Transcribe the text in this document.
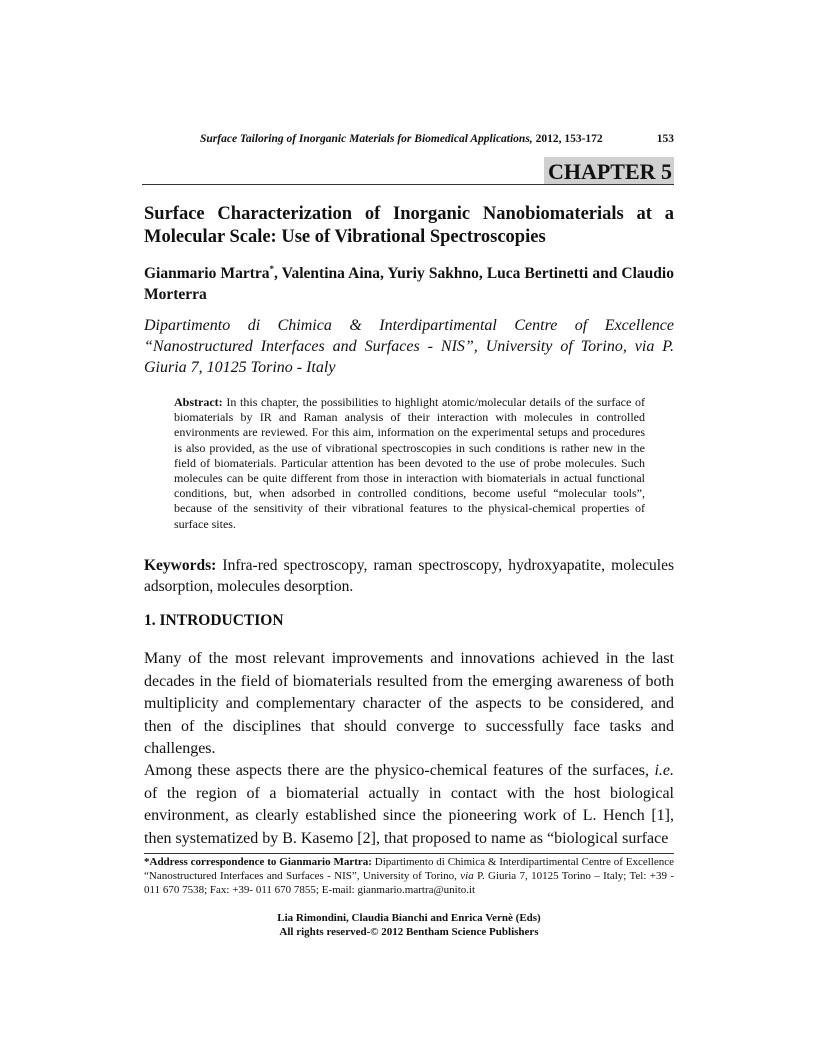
Surface Tailoring of Inorganic Materials for Biomedical Applications, 2012, 153-172	153
CHAPTER 5
Surface Characterization of Inorganic Nanobiomaterials at a Molecular Scale: Use of Vibrational Spectroscopies

Gianmario Martra*, Valentina Aina, Yuriy Sakhno, Luca Bertinetti and Claudio Morterra

Dipartimento di Chimica & Interdipartimental Centre of Excellence “Nanostructured Interfaces and Surfaces - NIS”, University of Torino, via P. Giuria 7, 10125 Torino - Italy

Abstract: In this chapter, the possibilities to highlight atomic/molecular details of the surface of biomaterials by IR and Raman analysis of their interaction with molecules in controlled environments are reviewed. For this aim, information on the experimental setups and procedures is also provided, as the use of vibrational spectroscopies in such conditions is rather new in the field of biomaterials. Particular attention has been devoted to the use of probe molecules. Such molecules can be quite different from those in interaction with biomaterials in actual functional conditions, but, when adsorbed in controlled conditions, become useful “molecular tools”, because of the sensitivity of their vibrational features to the physical-chemical properties of surface sites.

Keywords: Infra-red spectroscopy, raman spectroscopy, hydroxyapatite, molecules adsorption, molecules desorption.

1. INTRODUCTION

Many of the most relevant improvements and innovations achieved in the last decades in the field of biomaterials resulted from the emerging awareness of both multiplicity and complementary character of the aspects to be considered, and then of the disciplines that should converge to successfully face tasks and challenges.

Among these aspects there are the physico-chemical features of the surfaces, i.e. of the region of a biomaterial actually in contact with the host biological environment, as clearly established since the pioneering work of L. Hench [1], then systematized by B. Kasemo [2], that proposed to name as “biological surface

*Address correspondence to Gianmario Martra: Dipartimento di Chimica & Interdipartimental Centre of Excellence “Nanostructured Interfaces and Surfaces - NIS”, University of Torino, via P. Giuria 7, 10125 Torino – Italy; Tel: +39 - 011 670 7538; Fax: +39- 011 670 7855; E-mail: gianmario.martra@unito.it

Lia Rimondini, Claudia Bianchi and Enrica Vernè (Eds)
All rights reserved-© 2012 Bentham Science Publishers
